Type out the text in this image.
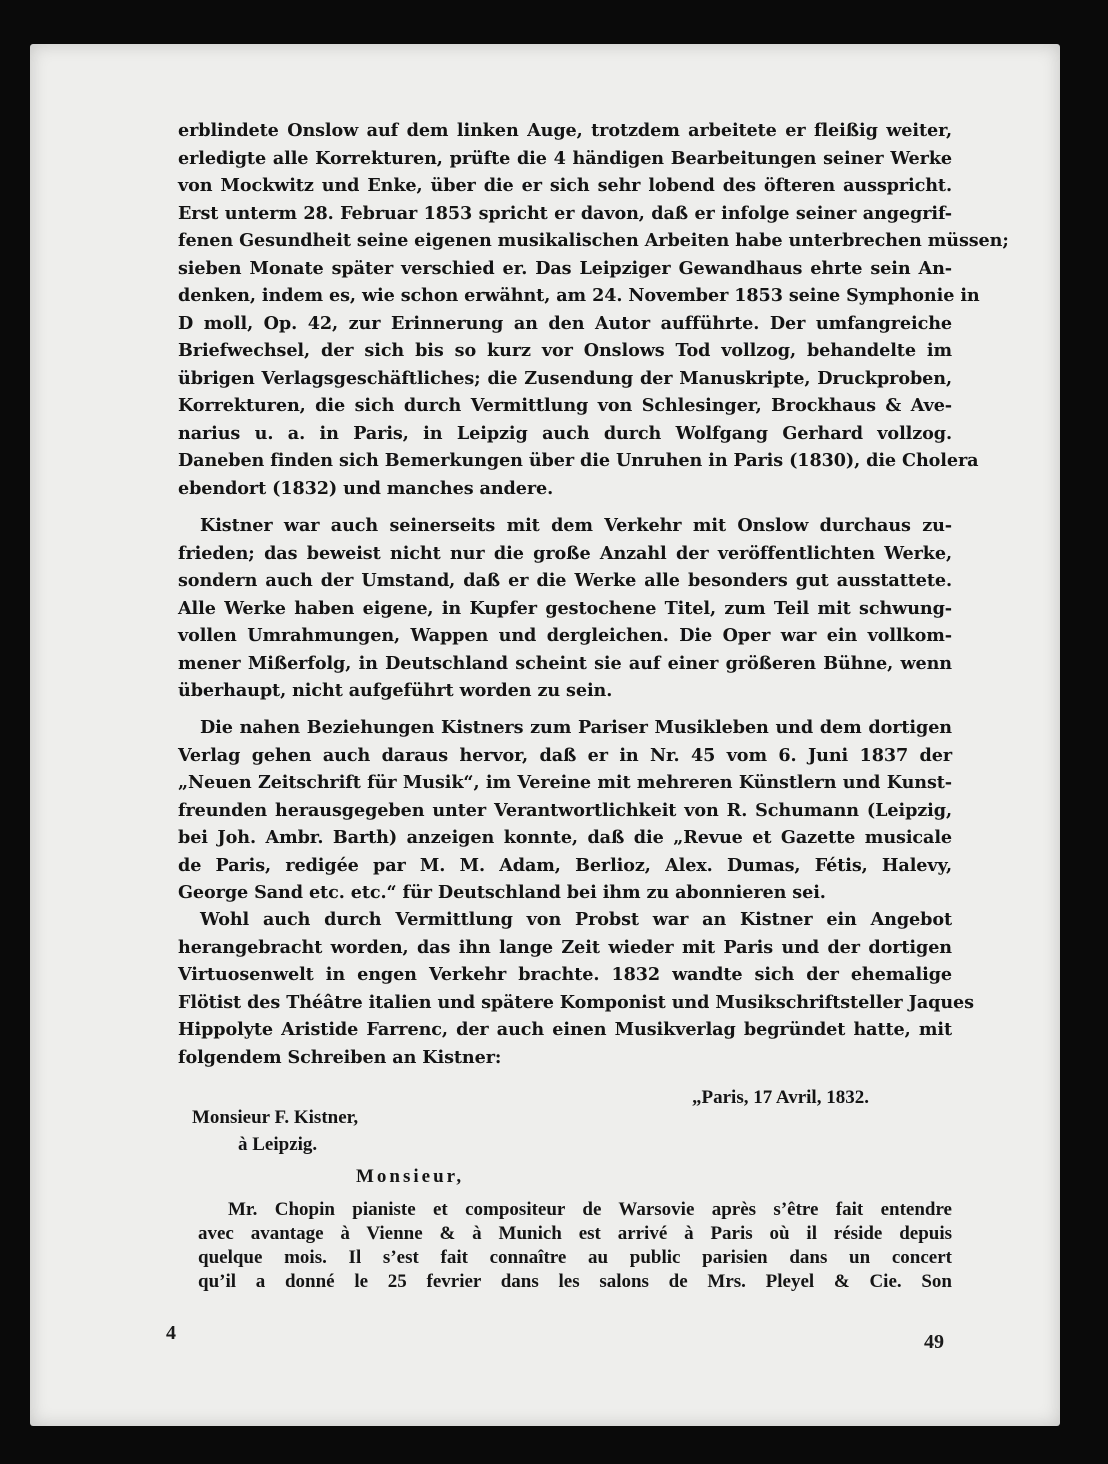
erblindete Onslow auf dem linken Auge, trotzdem arbeitete er fleißig weiter,
erledigte alle Korrekturen, prüfte die 4 händigen Bearbeitungen seiner Werke
von Mockwitz und Enke, über die er sich sehr lobend des öfteren ausspricht.
Erst unterm 28. Februar 1853 spricht er davon, daß er infolge seiner angegrif-
fenen Gesundheit seine eigenen musikalischen Arbeiten habe unterbrechen müssen;
sieben Monate später verschied er. Das Leipziger Gewandhaus ehrte sein An-
denken, indem es, wie schon erwähnt, am 24. November 1853 seine Symphonie in
D moll, Op. 42, zur Erinnerung an den Autor aufführte. Der umfangreiche
Briefwechsel, der sich bis so kurz vor Onslows Tod vollzog, behandelte im
übrigen Verlagsgeschäftliches; die Zusendung der Manuskripte, Druckproben,
Korrekturen, die sich durch Vermittlung von Schlesinger, Brockhaus & Ave-
narius u. a. in Paris, in Leipzig auch durch Wolfgang Gerhard vollzog.
Daneben finden sich Bemerkungen über die Unruhen in Paris (1830), die Cholera
ebendort (1832) und manches andere.
Kistner war auch seinerseits mit dem Verkehr mit Onslow durchaus zu-
frieden; das beweist nicht nur die große Anzahl der veröffentlichten Werke,
sondern auch der Umstand, daß er die Werke alle besonders gut ausstattete.
Alle Werke haben eigene, in Kupfer gestochene Titel, zum Teil mit schwung-
vollen Umrahmungen, Wappen und dergleichen. Die Oper war ein vollkom-
mener Mißerfolg, in Deutschland scheint sie auf einer größeren Bühne, wenn
überhaupt, nicht aufgeführt worden zu sein.
Die nahen Beziehungen Kistners zum Pariser Musikleben und dem dortigen
Verlag gehen auch daraus hervor, daß er in Nr. 45 vom 6. Juni 1837 der
„Neuen Zeitschrift für Musik“, im Vereine mit mehreren Künstlern und Kunst-
freunden herausgegeben unter Verantwortlichkeit von R. Schumann (Leipzig,
bei Joh. Ambr. Barth) anzeigen konnte, daß die „Revue et Gazette musicale
de Paris, redigée par M. M. Adam, Berlioz, Alex. Dumas, Fétis, Halevy,
George Sand etc. etc.“ für Deutschland bei ihm zu abonnieren sei.
Wohl auch durch Vermittlung von Probst war an Kistner ein Angebot
herangebracht worden, das ihn lange Zeit wieder mit Paris und der dortigen
Virtuosenwelt in engen Verkehr brachte. 1832 wandte sich der ehemalige
Flötist des Théâtre italien und spätere Komponist und Musikschriftsteller Jaques
Hippolyte Aristide Farrenc, der auch einen Musikverlag begründet hatte, mit
folgendem Schreiben an Kistner:

„Paris, 17 Avril, 1832.

Monsieur F. Kistner,

à Leipzig.

Monsieur,

Mr. Chopin pianiste et compositeur de Warsovie après s’être fait entendre
avec avantage à Vienne & à Munich est arrivé à Paris où il réside depuis
quelque mois. Il s’est fait connaître au public parisien dans un concert
qu’il a donné le 25 fevrier dans les salons de Mrs. Pleyel & Cie. Son

4	49
